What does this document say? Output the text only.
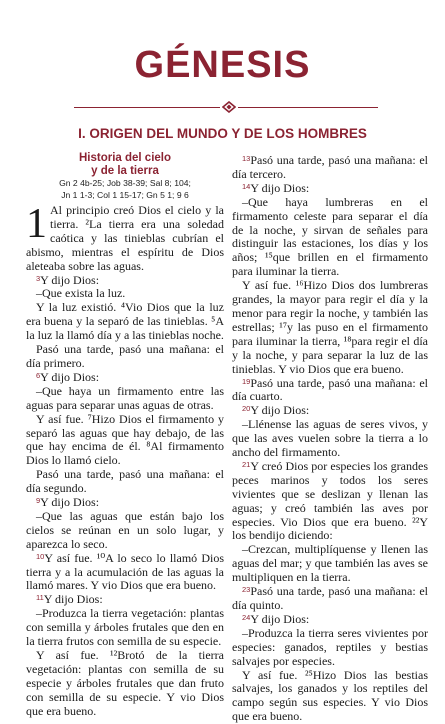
GÉNESIS
I. ORIGEN DEL MUNDO Y DE LOS HOMBRES
Historia del cielo
y de la tierra
Gn 2 4b-25; Job 38-39; Sal 8; 104;
Jn 1 1-3; Col 1 15-17; Gn 5 1; 9 6

1 Al principio creó Dios el cielo y la tierra. ²La tierra era una soledad caótica y las tinieblas cubrían el abismo, mientras el espíritu de Dios aleteaba sobre las aguas.

$^3$Y dijo Dios:

–Que exista la luz.

Y la luz existió. ⁴Vio Dios que la luz era buena y la separó de las tinieblas. ⁵A la luz la llamó día y a las tinieblas noche.

Pasó una tarde, pasó una mañana: el día primero.

$^6$Y dijo Dios:

–Que haya un firmamento entre las aguas para separar unas aguas de otras.

Y así fue. ⁷Hizo Dios el firmamento y separó las aguas que hay debajo, de las que hay encima de él. ⁸Al firmamento Dios lo llamó cielo.

Pasó una tarde, pasó una mañana: el día segundo.

$^9$Y dijo Dios:

–Que las aguas que están bajo los cielos se reúnan en un solo lugar, y aparezca lo seco.

$^{10}$Y así fue. ¹⁰A lo seco lo llamó Dios tierra y a la acumulación de las aguas la llamó mares. Y vio Dios que era bueno.

$^{11}$Y dijo Dios:

–Produzca la tierra vegetación: plantas con semilla y árboles frutales que den en la tierra frutos con semilla de su especie.

Y así fue. ¹²Brotó de la tierra vegetación: plantas con semilla de su especie y árboles frutales que dan fruto con semilla de su especie. Y vio Dios que era bueno.

$^{13}$Pasó una tarde, pasó una mañana: el día tercero.

$^{14}$Y dijo Dios:

–Que haya lumbreras en el firmamento celeste para separar el día de la noche, y sirvan de señales para distinguir las estaciones, los días y los años; ¹⁵que brillen en el firmamento para iluminar la tierra.

Y así fue. ¹⁶Hizo Dios dos lumbreras grandes, la mayor para regir el día y la menor para regir la noche, y también las estrellas; ¹⁷y las puso en el firmamento para iluminar la tierra, ¹⁸para regir el día y la noche, y para separar la luz de las tinieblas. Y vio Dios que era bueno.

$^{19}$Pasó una tarde, pasó una mañana: el día cuarto.

$^{20}$Y dijo Dios:

–Llénense las aguas de seres vivos, y que las aves vuelen sobre la tierra a lo ancho del firmamento.

$^{21}$Y creó Dios por especies los grandes peces marinos y todos los seres vivientes que se deslizan y llenan las aguas; y creó también las aves por especies. Vio Dios que era bueno. ²²Y los bendijo diciendo:

–Crezcan, multiplíquense y llenen las aguas del mar; y que también las aves se multipliquen en la tierra.

$^{23}$Pasó una tarde, pasó una mañana: el día quinto.

$^{24}$Y dijo Dios:

–Produzca la tierra seres vivientes por especies: ganados, reptiles y bestias salvajes por especies.

Y así fue. ²⁵Hizo Dios las bestias salvajes, los ganados y los reptiles del campo según sus especies. Y vio Dios que era bueno.
